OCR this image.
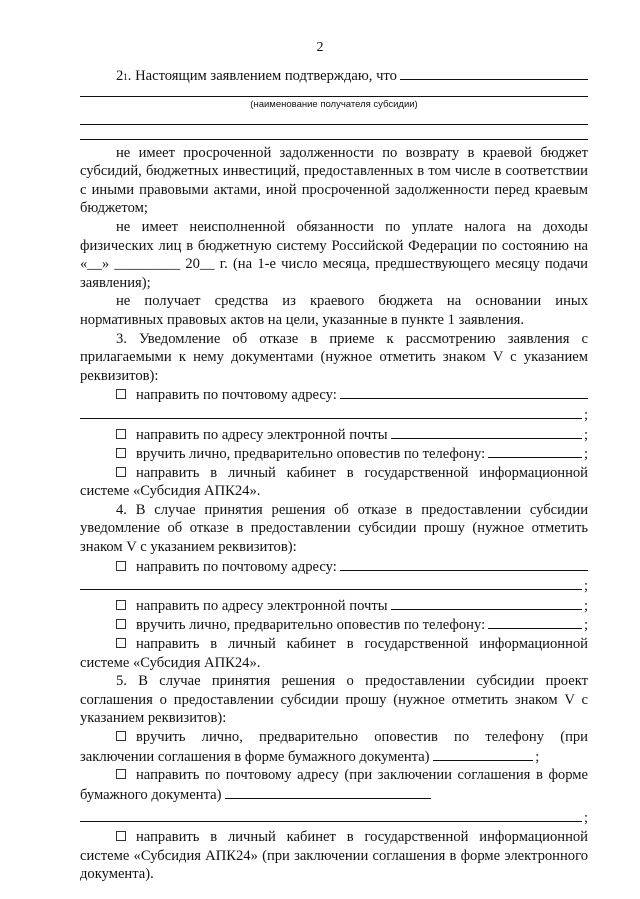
2
2 1 . Настоящим заявлением подтверждаю, что
(наименование получателя субсидии)

не имеет просроченной задолженности по возврату в краевой бюджет субсидий, бюджетных инвестиций, предоставленных в том числе в соответствии с иными правовыми актами, иной просроченной задолженности перед краевым бюджетом;

не имеет неисполненной обязанности по уплате налога на доходы физических лиц в бюджетную систему Российской Федерации по состоянию на «__» _________ 20__ г. (на 1-е число месяца, предшествующего месяцу подачи заявления);

не получает средства из краевого бюджета на основании иных нормативных правовых актов на цели, указанные в пункте 1 заявления.

3. Уведомление об отказе в приеме к рассмотрению заявления с прилагаемыми к нему документами (нужное отметить знаком V с указанием реквизитов):

направить по почтовому адресу:
;
направить по адресу электронной почты	;
вручить лично, предварительно оповестив по телефону:	;

направить в личный кабинет в государственной информационной системе «Субсидия АПК24».

4. В случае принятия решения об отказе в предоставлении субсидии уведомление об отказе в предоставлении субсидии прошу (нужное отметить знаком V с указанием реквизитов):

направить по почтовому адресу:
;
направить по адресу электронной почты	;
вручить лично, предварительно оповестив по телефону:	;

направить в личный кабинет в государственной информационной системе «Субсидия АПК24».

5. В случае принятия решения о предоставлении субсидии проект соглашения о предоставлении субсидии прошу (нужное отметить знаком V с указанием реквизитов):

вручить лично, предварительно оповестив по телефону (при заключении соглашения в форме бумажного документа)	;

направить по почтовому адресу (при заключении соглашения в форме бумажного документа)

;

направить в личный кабинет в государственной информационной системе «Субсидия АПК24» (при заключении соглашения в форме электронного документа).
